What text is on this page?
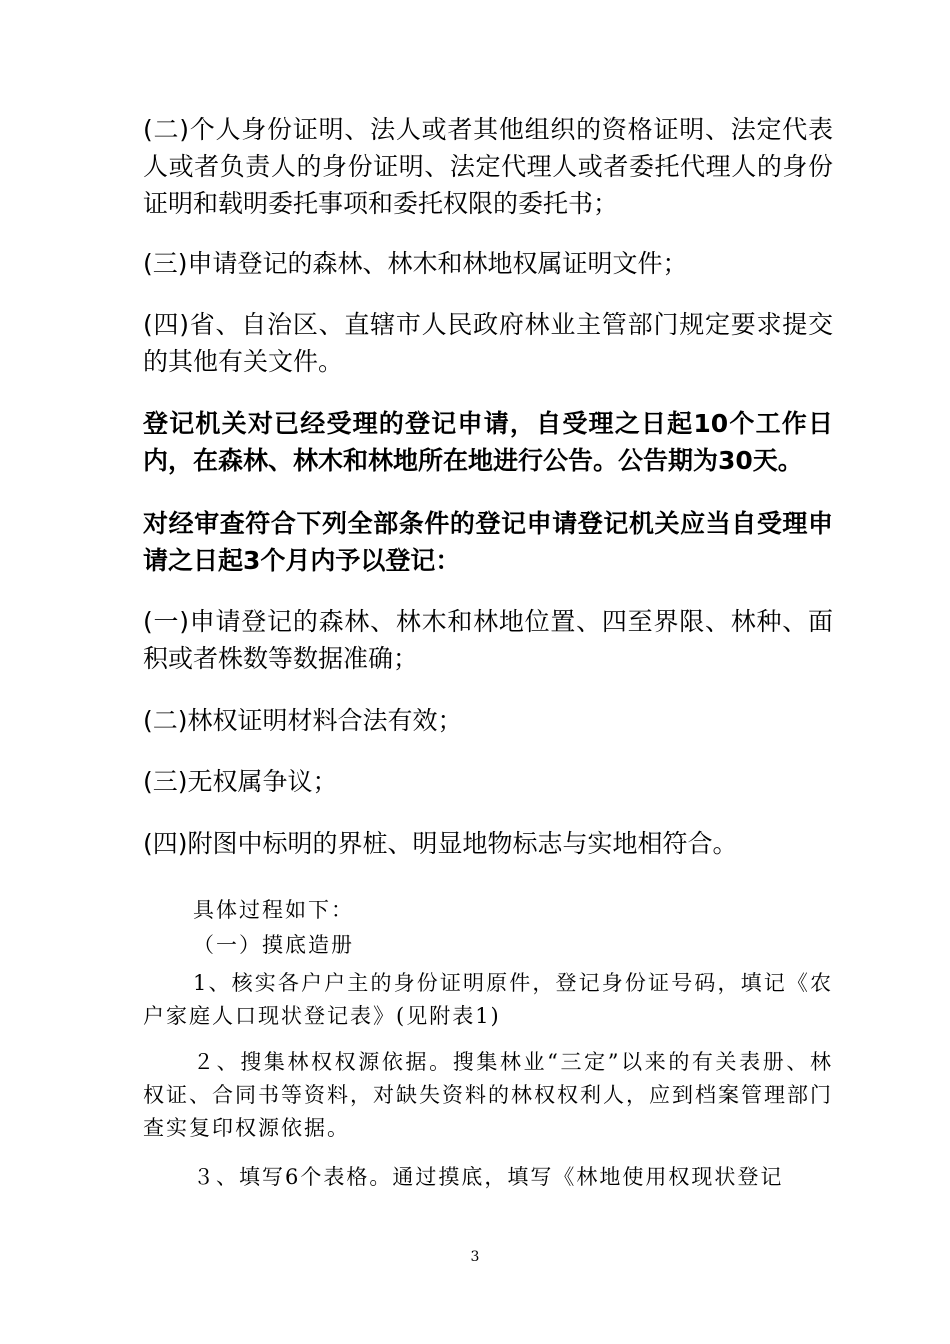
(二)个人身份证明、法人或者其他组织的资格证明、法定代表人或者负责人的身份证明、法定代理人或者委托代理人的身份证明和载明委托事项和委托权限的委托书；

(三)申请登记的森林、林木和林地权属证明文件；

(四)省、自治区、直辖市人民政府林业主管部门规定要求提交的其他有关文件。

登记机关对已经受理的登记申请，自受理之日起10个工作日内，在森林、林木和林地所在地进行公告。公告期为30天。

对经审查符合下列全部条件的登记申请登记机关应当自受理申请之日起3个月内予以登记：

(一)申请登记的森林、林木和林地位置、四至界限、林种、面积或者株数等数据准确；

(二)林权证明材料合法有效；

(三)无权属争议；

(四)附图中标明的界桩、明显地物标志与实地相符合。

具体过程如下：

（一）摸底造册

1、核实各户户主的身份证明原件，登记身份证号码，填记《农户家庭人口现状登记表》(见附表1)

２、搜集林权权源依据。搜集林业“三定”以来的有关表册、林权证、合同书等资料，对缺失资料的林权权利人，应到档案管理部门查实复印权源依据。

３、填写6个表格。通过摸底，填写《林地使用权现状登记

3
